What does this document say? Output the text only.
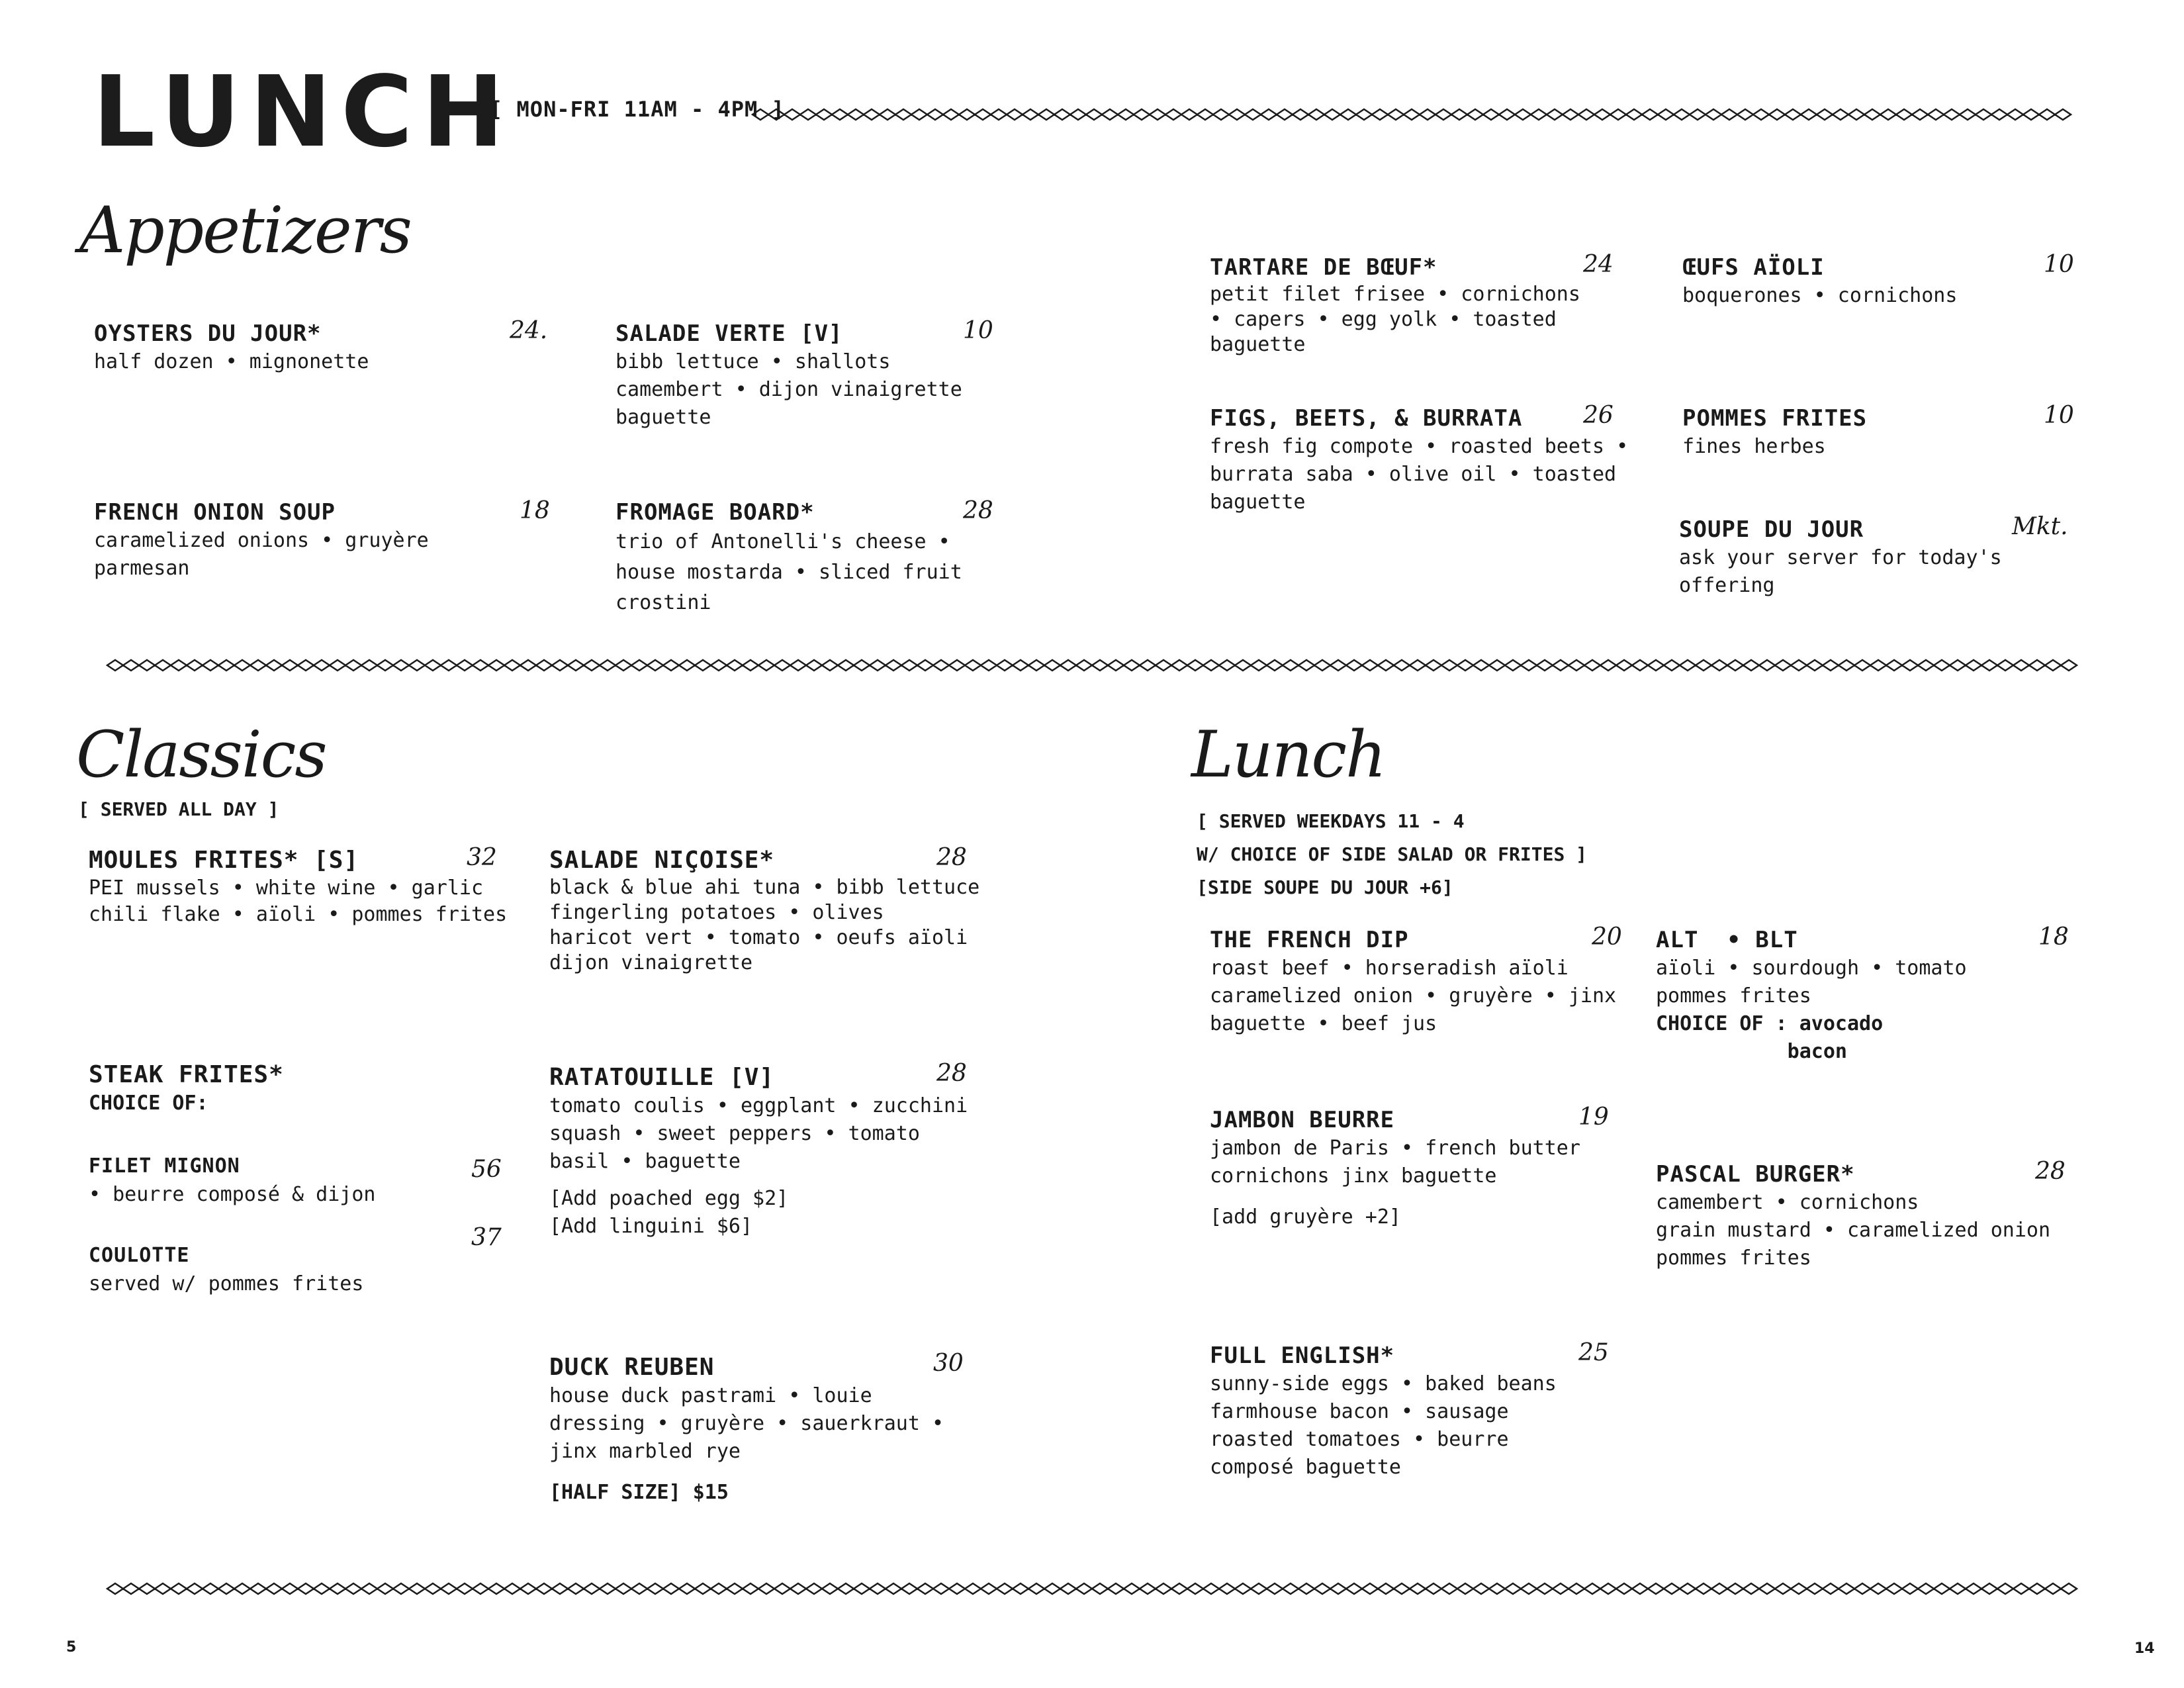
LUNCH
[ MON-FRI 11AM - 4PM ]
Appetizers
OYSTERS DU JOUR*
half dozen • mignonette
24.	SALADE VERTE [V]
bibb lettuce • shallots
camembert • dijon vinaigrette
baguette
10
FRENCH ONION SOUP
caramelized onions • gruyère
parmesan
18	FROMAGE BOARD*
trio of Antonelli's cheese •
house mostarda • sliced fruit
crostini
28
TARTARE DE BŒUF*
petit filet frisee • cornichons
• capers • egg yolk • toasted
baguette
24
FIGS, BEETS, & BURRATA
fresh fig compote • roasted beets •
burrata saba • olive oil • toasted
baguette
26
ŒUFS AÏOLI
boquerones • cornichons
10
POMMES FRITES
fines herbes
10
SOUPE DU JOUR
ask your server for today's
offering
Mkt.
Classics
[ SERVED ALL DAY ]
MOULES FRITES* [S]
PEI mussels • white wine • garlic
chili flake • aïoli • pommes frites
32 SALADE NIÇOISE*
black & blue ahi tuna • bibb lettuce
fingerling potatoes • olives
haricot vert • tomato • oeufs aïoli
dijon vinaigrette
28
STEAK FRITES*
CHOICE OF:
FILET MIGNON
• beurre composé & dijon
56
COULOTTE
served w/ pommes frites
37
RATATOUILLE [V]
tomato coulis • eggplant • zucchini
squash • sweet peppers • tomato
basil • baguette
[Add poached egg $2]
[Add linguini $6]
28
DUCK REUBEN
house duck pastrami • louie
dressing • gruyère • sauerkraut •
jinx marbled rye
[HALF SIZE] $15
30
Lunch
[ SERVED WEEKDAYS 11 - 4
W/ CHOICE OF SIDE SALAD OR FRITES ]
[SIDE SOUPE DU JOUR +6]
THE FRENCH DIP
roast beef • horseradish aïoli
caramelized onion • gruyère • jinx
baguette • beef jus
20 ALT  • BLT
aïoli • sourdough • tomato
pommes frites
CHOICE OF : avocado
bacon
18
JAMBON BEURRE
jambon de Paris • french butter
cornichons jinx baguette
[add gruyère +2]
19
PASCAL BURGER*
camembert • cornichons
grain mustard • caramelized onion
pommes frites
28
FULL ENGLISH*
sunny-side eggs • baked beans
farmhouse bacon • sausage
roasted tomatoes • beurre
composé baguette
25
5	14
